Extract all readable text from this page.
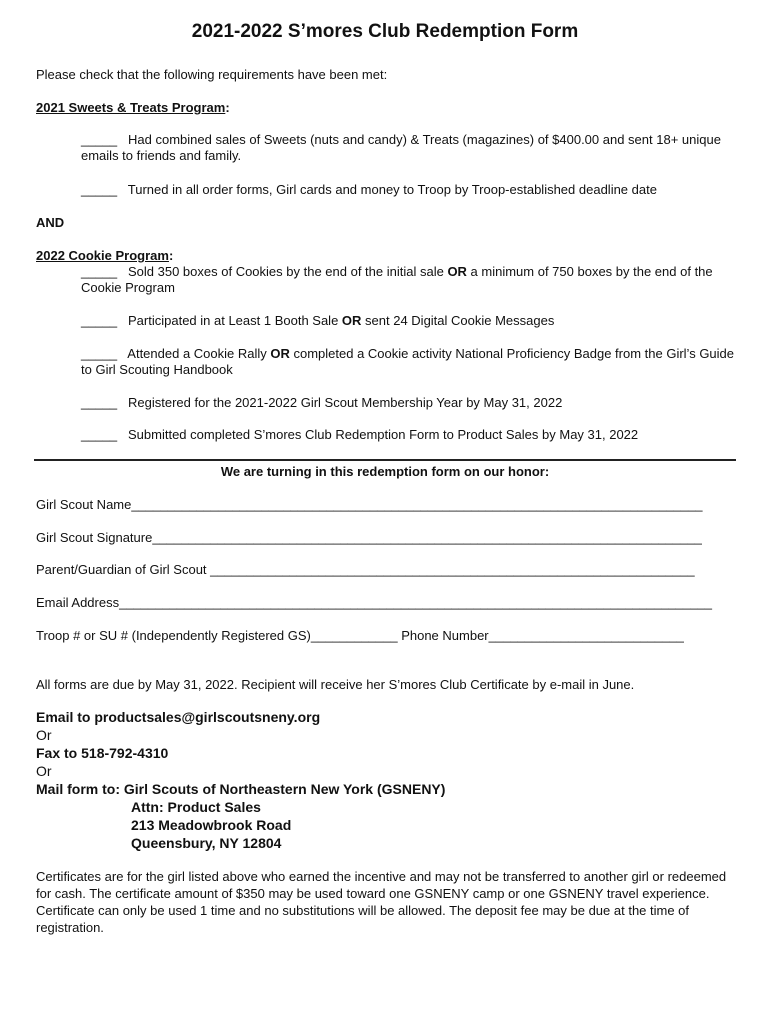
2021-2022 S’mores Club Redemption Form
Please check that the following requirements have been met:
2021 Sweets & Treats Program:
_____ Had combined sales of Sweets (nuts and candy) & Treats (magazines) of $400.00 and sent 18+ unique emails to friends and family.
_____ Turned in all order forms, Girl cards and money to Troop by Troop-established deadline date
AND
2022 Cookie Program:
_____ Sold 350 boxes of Cookies by the end of the initial sale OR a minimum of 750 boxes by the end of the Cookie Program
_____ Participated in at Least 1 Booth Sale OR sent 24 Digital Cookie Messages
_____ Attended a Cookie Rally OR completed a Cookie activity National Proficiency Badge from the Girl’s Guide to Girl Scouting Handbook
_____ Registered for the 2021-2022 Girl Scout Membership Year by May 31, 2022
_____ Submitted completed S’mores Club Redemption Form to Product Sales by May 31, 2022
We are turning in this redemption form on our honor:
Girl Scout Name_______________________________________________________________________________
Girl Scout Signature____________________________________________________________________________
Parent/Guardian of Girl Scout ___________________________________________________________________
Email Address__________________________________________________________________________________
Troop # or SU # (Independently Registered GS)____________ Phone Number___________________________
All forms are due by May 31, 2022. Recipient will receive her S’mores Club Certificate by e-mail in June.
Email to productsales@girlscoutsneny.org
Or
Fax to 518-792-4310
Or
Mail form to: Girl Scouts of Northeastern New York (GSNENY)
Attn: Product Sales
213 Meadowbrook Road
Queensbury, NY 12804
Certificates are for the girl listed above who earned the incentive and may not be transferred to another girl or redeemed for cash. The certificate amount of $350 may be used toward one GSNENY camp or one GSNENY travel experience. Certificate can only be used 1 time and no substitutions will be allowed. The deposit fee may be due at the time of registration.
